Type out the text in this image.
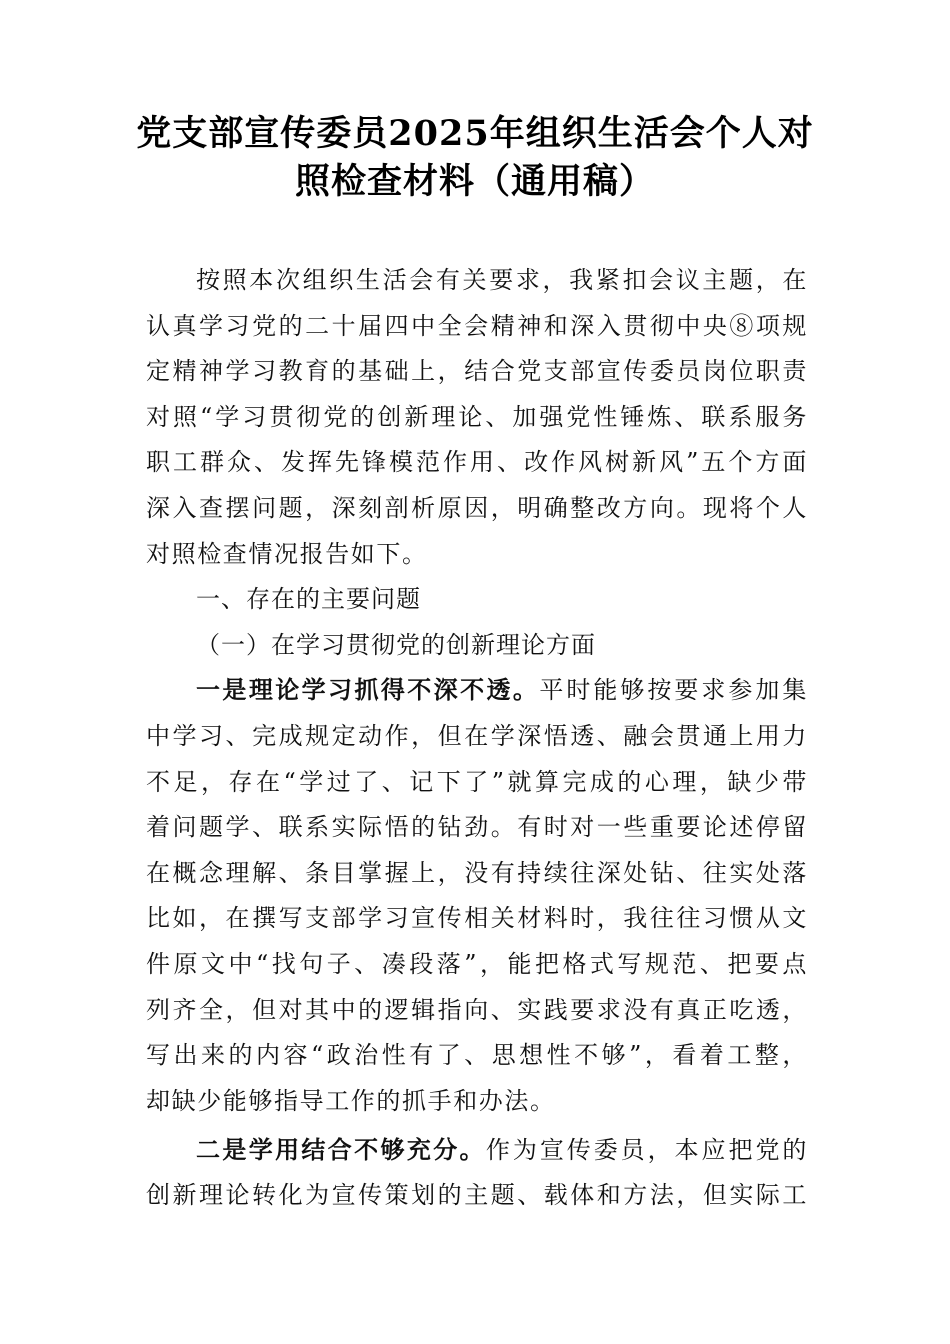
党支部宣传委员2025年组织生活会个人对
照检查材料（通用稿）
按照本次组织生活会有关要求，我紧扣会议主题，在
认真学习党的二十届四中全会精神和深入贯彻中央⑧项规
定精神学习教育的基础上，结合党支部宣传委员岗位职责
对照“学习贯彻党的创新理论、加强党性锤炼、联系服务
职工群众、发挥先锋模范作用、改作风树新风”五个方面
深入查摆问题，深刻剖析原因，明确整改方向。现将个人
对照检查情况报告如下。
一、存在的主要问题
（一）在学习贯彻党的创新理论方面
一是理论学习抓得不深不透。平时能够按要求参加集
中学习、完成规定动作，但在学深悟透、融会贯通上用力
不足，存在“学过了、记下了”就算完成的心理，缺少带
着问题学、联系实际悟的钻劲。有时对一些重要论述停留
在概念理解、条目掌握上，没有持续往深处钻、往实处落
比如，在撰写支部学习宣传相关材料时，我往往习惯从文
件原文中“找句子、凑段落”，能把格式写规范、把要点
列齐全，但对其中的逻辑指向、实践要求没有真正吃透，
写出来的内容“政治性有了、思想性不够”，看着工整，
却缺少能够指导工作的抓手和办法。
二是学用结合不够充分。作为宣传委员，本应把党的
创新理论转化为宣传策划的主题、载体和方法，但实际工
